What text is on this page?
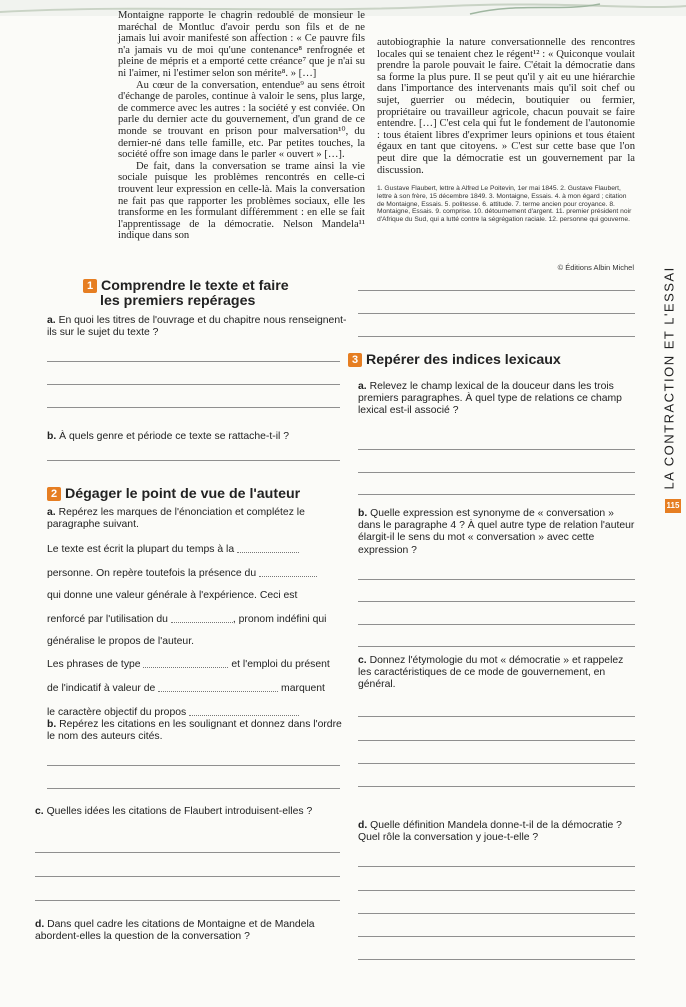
Montaigne rapporte le chagrin redoublé de monsieur le maréchal de Montluc d'avoir perdu son fils et de ne jamais lui avoir manifesté son affection : « Ce pauvre fils n'a jamais vu de moi qu'une contenance⁸ renfrognée et pleine de mépris et a emporté cette créance⁷ que je n'ai su ni l'aimer, ni l'estimer selon son mérite⁸. » […]
Au cœur de la conversation, entendue⁹ au sens étroit d'échange de paroles, continue à valoir le sens, plus large, de commerce avec les autres : la société y est conviée. On parle du dernier acte du gouvernement, d'un grand de ce monde se trouvant en prison pour malversation¹⁰, du dernier-né dans telle famille, etc. Par petites touches, la société offre son image dans le parler « ouvert » […].
De fait, dans la conversation se trame ainsi la vie sociale puisque les problèmes rencontrés en celle-ci trouvent leur expression en celle-là. Mais la conversation ne fait pas que rapporter les problèmes sociaux, elle les transforme en les formulant différemment : en elle se fait l'apprentissage de la démocratie. Nelson Mandela¹¹ indique dans son
autobiographie la nature conversationnelle des rencontres locales qui se tenaient chez le régent¹² : « Quiconque voulait prendre la parole pouvait le faire. C'était la démocratie dans sa forme la plus pure. Il se peut qu'il y ait eu une hiérarchie dans l'importance des intervenants mais qu'il soit chef ou sujet, guerrier ou médecin, boutiquier ou fermier, propriétaire ou travailleur agricole, chacun pouvait se faire entendre. […] C'est cela qui fut le fondement de l'autonomie : tous étaient libres d'exprimer leurs opinions et tous étaient égaux en tant que citoyens. » C'est sur cette base que l'on peut dire que la démocratie est un gouvernement par la discussion.
1. Gustave Flaubert, lettre à Alfred Le Poitevin, 1er mai 1845. 2. Gustave Flaubert, lettre à son frère, 15 décembre 1849. 3. Montaigne, Essais. 4. à mon égard ; citation de Montaigne, Essais. 5. politesse. 6. attitude. 7. terme ancien pour croyance. 8. Montaigne, Essais. 9. comprise. 10. détournement d'argent. 11. premier président noir d'Afrique du Sud, qui a lutté contre la ségrégation raciale. 12. personne qui gouverne.
© Éditions Albin Michel LA CONTRACTION ET L'ESSAI
115
1 Comprendre le texte et faire
les premiers repérages
a. En quoi les titres de l'ouvrage et du chapitre nous renseignent-ils sur le sujet du texte ?
b. À quels genre et période ce texte se rattache-t-il ?
3 Repérer des indices lexicaux
a. Relevez le champ lexical de la douceur dans les trois premiers paragraphes. À quel type de relations ce champ lexical est-il associé ?
2 Dégager le point de vue de l'auteur
a. Repérez les marques de l'énonciation et complétez le paragraphe suivant.
Le texte est écrit la plupart du temps à la
personne. On repère toutefois la présence du
qui donne une valeur générale à l'expérience. Ceci est
renforcé par l'utilisation du	, pronom indéfini qui
généralise le propos de l'auteur.
Les phrases de type	et l'emploi du présent
de l'indicatif à valeur de	marquent
le caractère objectif du propos
b. Quelle expression est synonyme de « conversation » dans le paragraphe 4 ? À quel autre type de relation l'auteur élargit-il le sens du mot « conversation » avec cette expression ?
c. Donnez l'étymologie du mot « démocratie » et rappelez les caractéristiques de ce mode de gouvernement, en général.
b. Repérez les citations en les soulignant et donnez dans l'ordre le nom des auteurs cités.
c. Quelles idées les citations de Flaubert introduisent-elles ?
d. Quelle définition Mandela donne-t-il de la démocratie ? Quel rôle la conversation y joue-t-elle ?
d. Dans quel cadre les citations de Montaigne et de Mandela abordent-elles la question de la conversation ?
